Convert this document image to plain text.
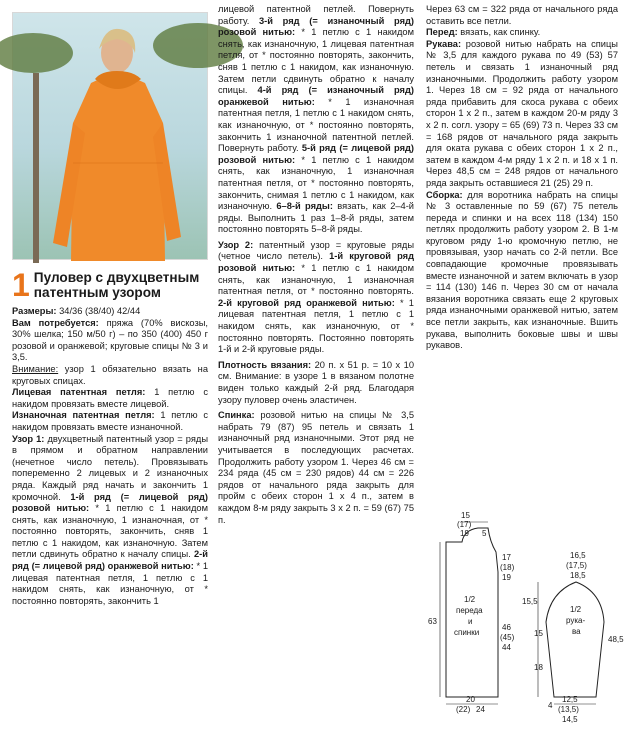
1 Пуловер с двухцветным
патентным узором

Размеры: 34/36 (38/40) 42/44

Вам потребуется: пряжа (70% вискозы, 30% шелка; 150 м/50 г) – по 350 (400) 450 г розовой и оранжевой; круговые спицы № 3 и 3,5.

Внимание: узор 1 обязательно вязать на круговых спицах.

Лицевая патентная петля: 1 петлю с накидом провязать вместе лицевой.

Изнаночная патентная петля: 1 петлю с накидом провязать вместе изнаночной.

Узор 1: двухцветный патентный узор = ряды в прямом и обратном направлении (нечетное число петель). Провязывать попеременно 2 лицевых и 2 изнаночных ряда. Каждый ряд начать и закончить 1 кромочной. 1-й ряд (= лицевой ряд) розовой нитью: * 1 петлю с 1 накидом снять, как изнаночную, 1 изнаночная, от * постоянно повторять, закончить, сняв 1 петлю с 1 накидом, как изнаночную. Затем петли сдвинуть обратно к началу спицы. 2-й ряд (= лицевой ряд) оранжевой нитью: * 1 лицевая патентная петля, 1 петлю с 1 накидом снять, как изнаночную, от * постоянно повторять, закончить 1

лицевой патентной петлей. Повернуть работу. 3-й ряд (= изнаночный ряд) розовой нитью: * 1 петлю с 1 накидом снять, как изнаночную, 1 лицевая патентная петля, от * постоянно повторять, закончить, сняв 1 петлю с 1 накидом, как изнаночную. Затем петли сдвинуть обратно к началу спицы. 4-й ряд (= изнаночный ряд) оранжевой нитью: * 1 изнаночная патентная петля, 1 петлю с 1 накидом снять, как изнаночную, от * постоянно повторять, закончить 1 изнаночной патентной петлей. Повернуть работу. 5-й ряд (= лицевой ряд) розовой нитью: * 1 петлю с 1 накидом снять, как изнаночную, 1 изнаночная патентная петля, от * постоянно повторять, закончить, снимая 1 петлю с 1 накидом, как изнаночную. 6–8-й ряды: вязать, как 2–4-й ряды. Выполнить 1 раз 1–8-й ряды, затем постоянно повторять 5–8-й ряды.

Узор 2: патентный узор = круговые ряды (четное число петель). 1-й круговой ряд розовой нитью: * 1 петлю с 1 накидом снять, как изнаночную, 1 изнаночная патентная петля, от * постоянно повторять. 2-й круговой ряд оранжевой нитью: * 1 лицевая патентная петля, 1 петлю с 1 накидом снять, как изнаночную, от * постоянно повторять. Постоянно повторять 1-й и 2-й круговые ряды.

Плотность вязания: 20 п. х 51 р. = 10 х 10 см. Внимание: в узоре 1 в вязаном полотне виден только каждый 2-й ряд. Благодаря узору пуловер очень эластичен.

Спинка: розовой нитью на спицы № 3,5 набрать 79 (87) 95 петель и связать 1 изнаночный ряд изнаночными. Этот ряд не учитывается в последующих расчетах. Продолжить работу узором 1. Через 46 см = 234 ряда (45 см = 230 рядов) 44 см = 226 рядов от начального ряда закрыть для пройм с обеих сторон 1 х 4 п., затем в каждом 8-м ряду закрыть 3 х 2 п. = 59 (67) 75 п.

Через 63 см = 322 ряда от начального ряда оставить все петли.

Перед: вязать, как спинку.

Рукава: розовой нитью набрать на спицы № 3,5 для каждого рукава по 49 (53) 57 петель и связать 1 изнаночный ряд изнаночными. Продолжить работу узором 1. Через 18 см = 92 ряда от начального ряда прибавить для скоса рукава с обеих сторон 1 х 2 п., затем в каждом 20-м ряду 3 х 2 п. согл. узору = 65 (69) 73 п. Через 33 см = 168 рядов от начального ряда закрыть для оката рукава с обеих сторон 1 х 2 п., затем в каждом 4-м ряду 1 х 2 п. и 18 х 1 п. Через 48,5 см = 248 рядов от начального ряда закрыть оставшиеся 21 (25) 29 п.

Сборка: для воротника набрать на спицы № 3 оставленные по 59 (67) 75 петель переда и спинки и на всех 118 (134) 150 петлях продолжить работу узором 2. В 1-м круговом ряду 1-ю кромочную петлю, не провязывая, узор начать со 2-й петли. Все совпадающие кромочные провязывать вместе изнаночной и затем включать в узор = 114 (130) 146 п. Через 30 см от начала вязания воротника связать еще 2 круговых ряда изнаночными оранжевой нитью, затем все петли закрыть, как изнаночные. Вшить рукава, выполнить боковые швы и швы рукавов.

15
(17)
19 5
17
(18)
19
63
46
(45)
44
1/2
переда
и
спинки
20
(22) 24
16,5
(17,5)
18,5
15,5
15
18
48,5
1/2
рука-
ва
12,5
(13,5)
14,5
4
